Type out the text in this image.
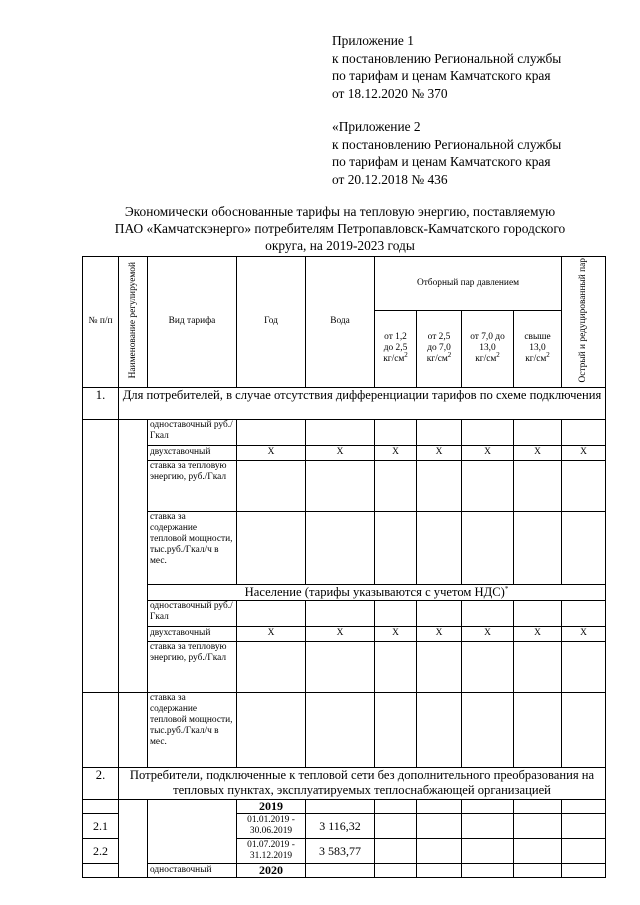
Приложение 1
к постановлению Региональной службы
по тарифам и ценам Камчатского края
от 18.12.2020 № 370
«Приложение 2
к постановлению Региональной службы
по тарифам и ценам Камчатского края
от 20.12.2018 № 436
Экономически обоснованные тарифы на тепловую энергию, поставляемую
ПАО «Камчатскэнерго» потребителям Петропавловск-Камчатского городского
округа, на 2019-2023 годы
№ п/п	Наименование регулируемой	Вид тарифа	Год	Вода	Отборный пар давлением				Острый и редуцированный пар
					от 1,2
до 2,5
$кг/см^2$	от 2,5
до 7,0
$кг/см^2$	от 7,0 до
13,0
$кг/см^2$	свыше
13,0
$кг/см^2$
1.	Для потребителей, в случае отсутствия дифференциации тарифов по схеме подключения								
		одноставочный руб./Гкал							
		двухставочный	X	X	X	X	X	X	X
		ставка за тепловую энергию, руб./Гкал							
		ставка за содержание тепловой мощности, тыс.руб./Гкал/ч в мес.							
		Население (тарифы указываются с учетом НДС)*
		одноставочный руб./Гкал							
		двухставочный	X	X	X	X	X	X	X
		ставка за тепловую энергию, руб./Гкал							
		ставка за содержание тепловой мощности, тыс.руб./Гкал/ч в мес.							
2.	Потребители, подключенные к тепловой сети без дополнительного преобразования на тепловых пунктах, эксплуатируемых теплоснабжающей организацией								
			2019						
2.1			01.01.2019 - 30.06.2019	3 116,32					
2.2			01.07.2019 - 31.12.2019	3 583,77					
		одноставочный	2020						
